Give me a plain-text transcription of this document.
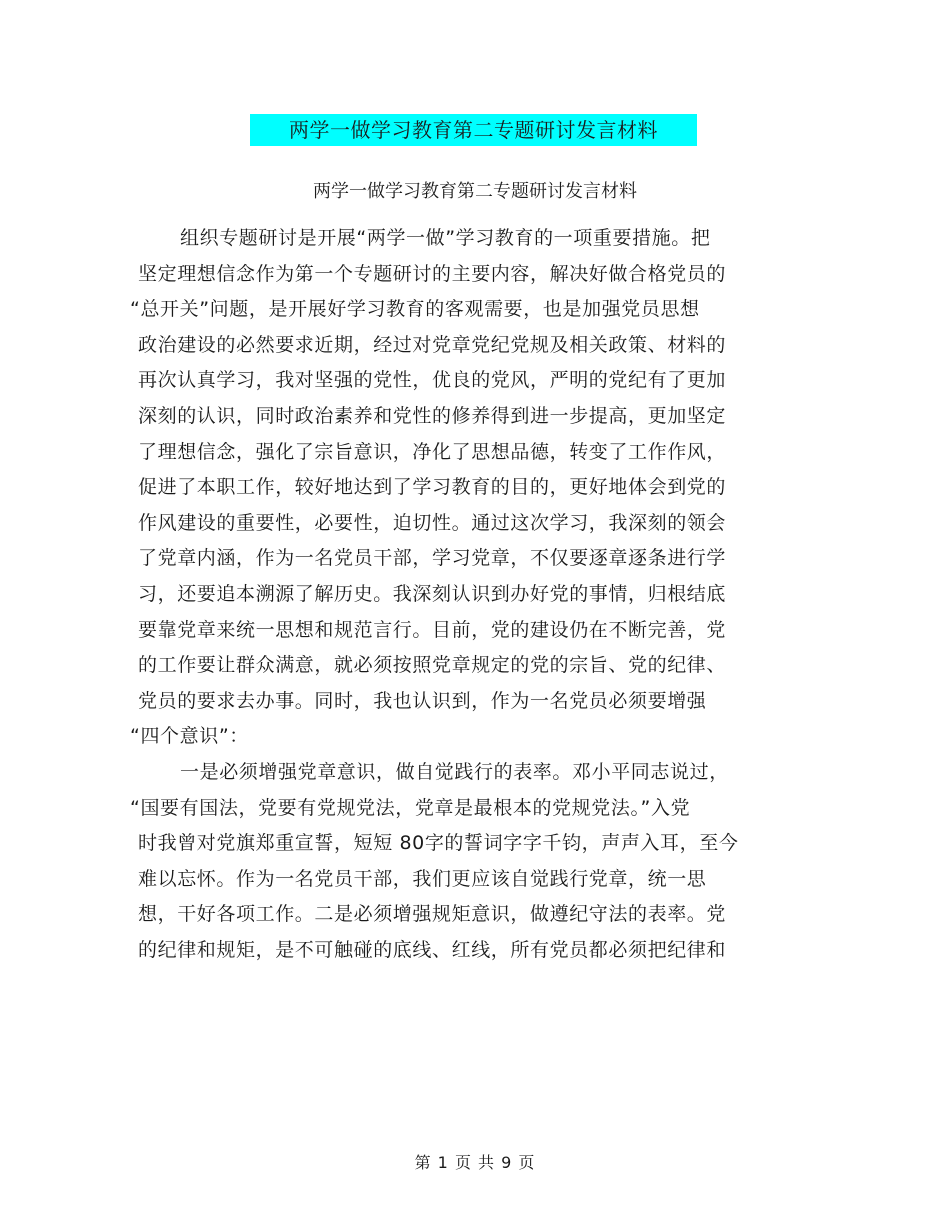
两学一做学习教育第二专题研讨发言材料
两学一做学习教育第二专题研讨发言材料
组织专题研讨是开展“两学一做”学习教育的一项重要措施。把
坚定理想信念作为第一个专题研讨的主要内容，解决好做合格党员的
“总开关”问题，是开展好学习教育的客观需要，也是加强党员思想
政治建设的必然要求近期，经过对党章党纪党规及相关政策、材料的
再次认真学习，我对坚强的党性，优良的党风，严明的党纪有了更加
深刻的认识，同时政治素养和党性的修养得到进一步提高，更加坚定
了理想信念，强化了宗旨意识，净化了思想品德，转变了工作作风，
促进了本职工作，较好地达到了学习教育的目的，更好地体会到党的
作风建设的重要性，必要性，迫切性。通过这次学习，我深刻的领会
了党章内涵，作为一名党员干部，学习党章，不仅要逐章逐条进行学
习，还要追本溯源了解历史。我深刻认识到办好党的事情，归根结底
要靠党章来统一思想和规范言行。目前，党的建设仍在不断完善，党
的工作要让群众满意，就必须按照党章规定的党的宗旨、党的纪律、
党员的要求去办事。同时，我也认识到，作为一名党员必须要增强
“四个意识”：
一是必须增强党章意识，做自觉践行的表率。邓小平同志说过，
“国要有国法，党要有党规党法，党章是最根本的党规党法。”入党
时我曾对党旗郑重宣誓，短短 80字的誓词字字千钧，声声入耳，至今
难以忘怀。作为一名党员干部，我们更应该自觉践行党章，统一思
想，干好各项工作。二是必须增强规矩意识，做遵纪守法的表率。党
的纪律和规矩，是不可触碰的底线、红线，所有党员都必须把纪律和
第 1 页 共 9 页
